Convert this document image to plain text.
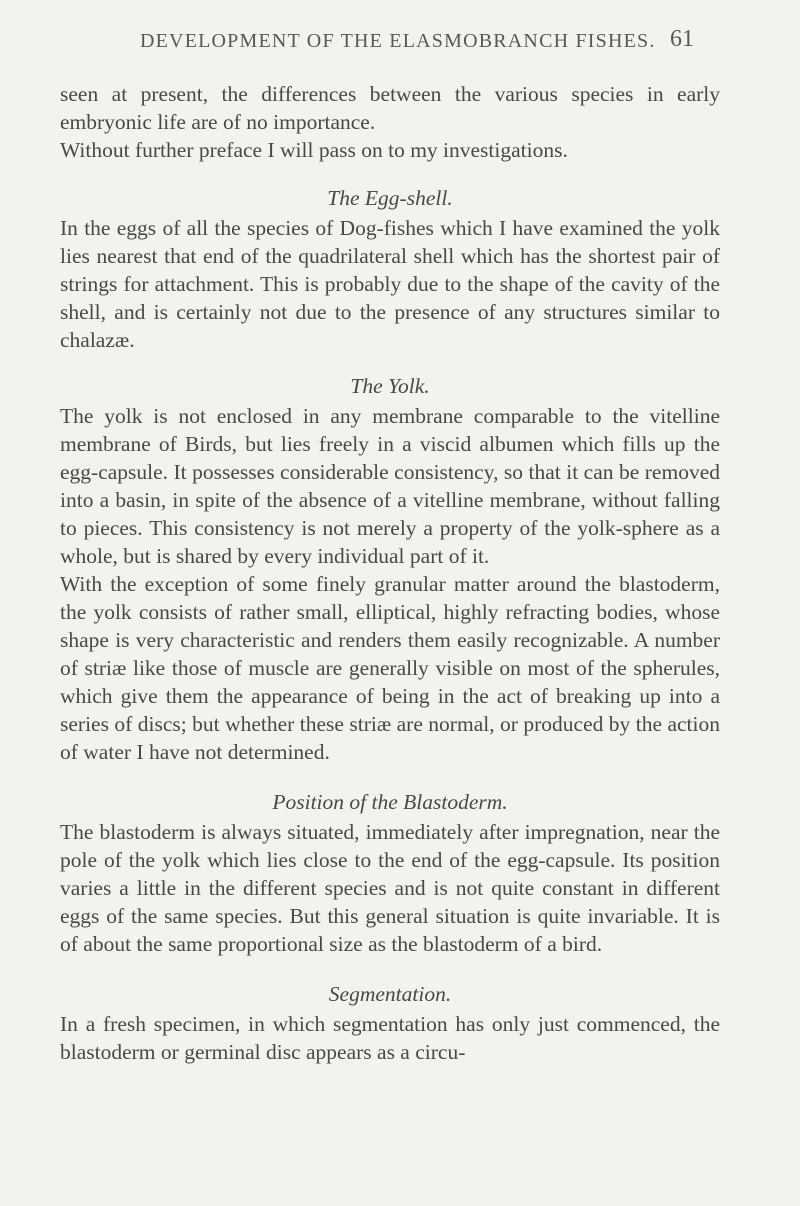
DEVELOPMENT OF THE ELASMOBRANCH FISHES. 61

seen at present, the differences between the various species in early embryonic life are of no importance.

Without further preface I will pass on to my investigations.

The Egg-shell.

In the eggs of all the species of Dog-fishes which I have examined the yolk lies nearest that end of the quadrilateral shell which has the shortest pair of strings for attachment. This is probably due to the shape of the cavity of the shell, and is certainly not due to the presence of any structures similar to chalazæ.

The Yolk.

The yolk is not enclosed in any membrane comparable to the vitelline membrane of Birds, but lies freely in a viscid albumen which fills up the egg-capsule. It possesses considerable consistency, so that it can be removed into a basin, in spite of the absence of a vitelline membrane, without falling to pieces. This consistency is not merely a property of the yolk-sphere as a whole, but is shared by every individual part of it.

With the exception of some finely granular matter around the blastoderm, the yolk consists of rather small, elliptical, highly refracting bodies, whose shape is very characteristic and renders them easily recognizable. A number of striæ like those of muscle are generally visible on most of the spherules, which give them the appearance of being in the act of breaking up into a series of discs; but whether these striæ are normal, or produced by the action of water I have not determined.

Position of the Blastoderm.

The blastoderm is always situated, immediately after impregnation, near the pole of the yolk which lies close to the end of the egg-capsule. Its position varies a little in the different species and is not quite constant in different eggs of the same species. But this general situation is quite invariable. It is of about the same proportional size as the blastoderm of a bird.

Segmentation.

In a fresh specimen, in which segmentation has only just commenced, the blastoderm or germinal disc appears as a circu-
